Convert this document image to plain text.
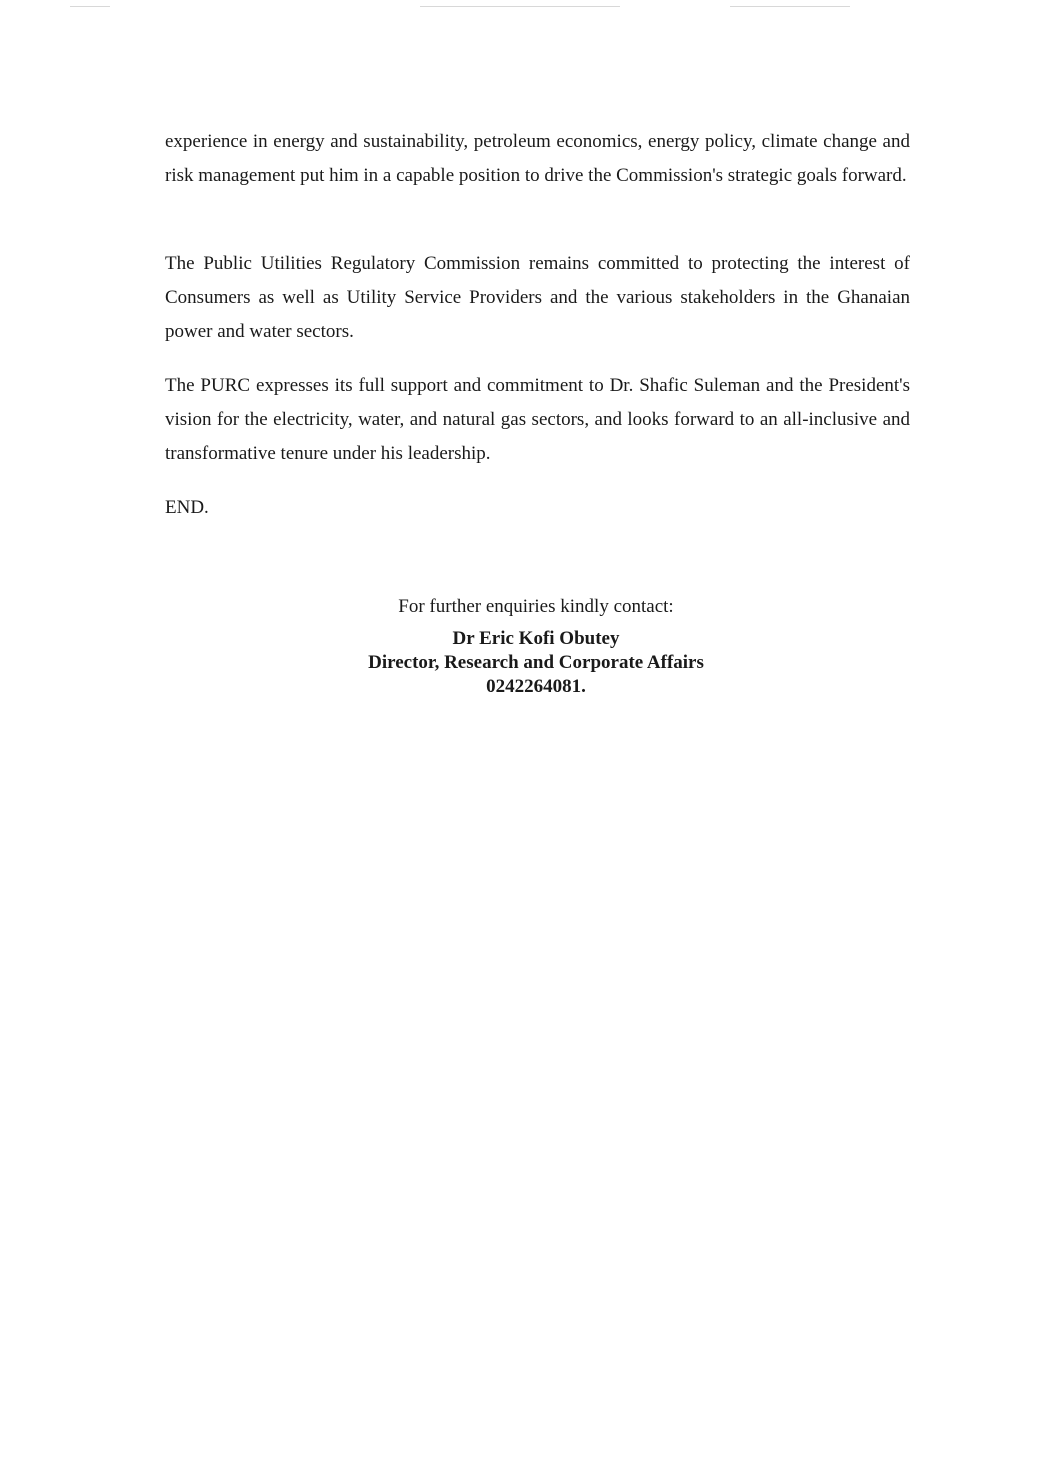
experience in energy and sustainability, petroleum economics, energy policy, climate change and risk management put him in a capable position to drive the Commission's strategic goals forward.

The Public Utilities Regulatory Commission remains committed to protecting the interest of Consumers as well as Utility Service Providers and the various stakeholders in the Ghanaian power and water sectors.

The PURC expresses its full support and commitment to Dr. Shafic Suleman and the President's vision for the electricity, water, and natural gas sectors, and looks forward to an all-inclusive and transformative tenure under his leadership.

END.

For further enquiries kindly contact:

Dr Eric Kofi Obutey

Director, Research and Corporate Affairs

0242264081.
